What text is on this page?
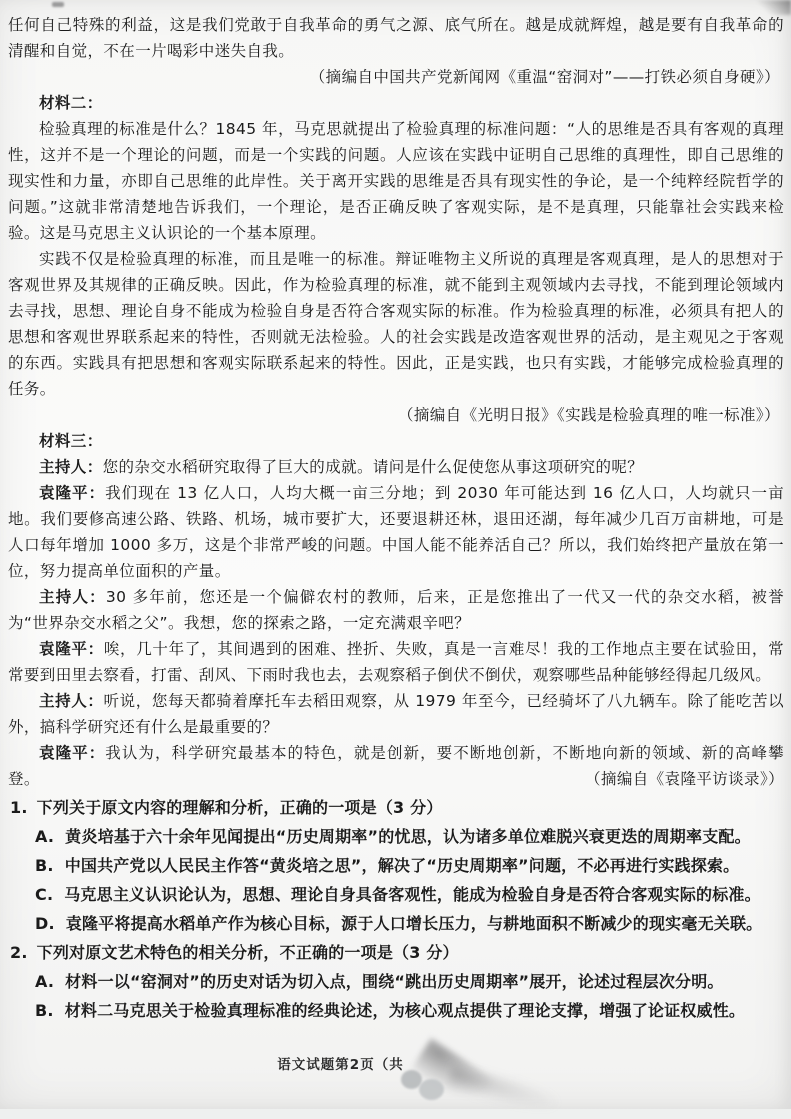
任何自己特殊的利益，这是我们党敢于自我革命的勇气之源、底气所在。越是成就辉煌，越是要有自我革命的清醒和自觉，不在一片喝彩中迷失自我。

（摘编自中国共产党新闻网《重温“窑洞对”——打铁必须自身硬》）

材料二：

检验真理的标准是什么？1845 年，马克思就提出了检验真理的标准问题：“人的思维是否具有客观的真理性，这并不是一个理论的问题，而是一个实践的问题。人应该在实践中证明自己思维的真理性，即自己思维的现实性和力量，亦即自己思维的此岸性。关于离开实践的思维是否具有现实性的争论，是一个纯粹经院哲学的问题。”这就非常清楚地告诉我们，一个理论，是否正确反映了客观实际，是不是真理，只能靠社会实践来检验。这是马克思主义认识论的一个基本原理。

实践不仅是检验真理的标准，而且是唯一的标准。辩证唯物主义所说的真理是客观真理，是人的思想对于客观世界及其规律的正确反映。因此，作为检验真理的标准，就不能到主观领域内去寻找，不能到理论领域内去寻找，思想、理论自身不能成为检验自身是否符合客观实际的标准。作为检验真理的标准，必须具有把人的思想和客观世界联系起来的特性，否则就无法检验。人的社会实践是改造客观世界的活动，是主观见之于客观的东西。实践具有把思想和客观实际联系起来的特性。因此，正是实践，也只有实践，才能够完成检验真理的任务。

（摘编自《光明日报》《实践是检验真理的唯一标准》）

材料三：

主持人：您的杂交水稻研究取得了巨大的成就。请问是什么促使您从事这项研究的呢？

袁隆平：我们现在 13 亿人口，人均大概一亩三分地；到 2030 年可能达到 16 亿人口，人均就只一亩地。我们要修高速公路、铁路、机场，城市要扩大，还要退耕还林，退田还湖，每年减少几百万亩耕地，可是人口每年增加 1000 多万，这是个非常严峻的问题。中国人能不能养活自己？所以，我们始终把产量放在第一位，努力提高单位面积的产量。

主持人：30 多年前，您还是一个偏僻农村的教师，后来，正是您推出了一代又一代的杂交水稻，被誉为“世界杂交水稻之父”。我想，您的探索之路，一定充满艰辛吧？

袁隆平：唉，几十年了，其间遇到的困难、挫折、失败，真是一言难尽！我的工作地点主要在试验田，常常要到田里去察看，打雷、刮风、下雨时我也去，去观察稻子倒伏不倒伏，观察哪些品种能够经得起几级风。

主持人：听说，您每天都骑着摩托车去稻田观察，从 1979 年至今，已经骑坏了八九辆车。除了能吃苦以外，搞科学研究还有什么是最重要的？

袁隆平：我认为，科学研究最基本的特色，就是创新，要不断地创新，不断地向新的领域、新的高峰攀登。	（摘编自《袁隆平访谈录》）

1. 下列关于原文内容的理解和分析，正确的一项是（3 分）
A. 黄炎培基于六十余年见闻提出“历史周期率”的忧思，认为诸多单位难脱兴衰更迭的周期率支配。
B. 中国共产党以人民民主作答“黄炎培之思”，解决了“历史周期率”问题，不必再进行实践探索。
C. 马克思主义认识论认为，思想、理论自身具备客观性，能成为检验自身是否符合客观实际的标准。
D. 袁隆平将提高水稻单产作为核心目标，源于人口增长压力，与耕地面积不断减少的现实毫无关联。
2. 下列对原文艺术特色的相关分析，不正确的一项是（3 分）
A. 材料一以“窑洞对”的历史对话为切入点，围绕“跳出历史周期率”展开，论述过程层次分明。
B. 材料二马克思关于检验真理标准的经典论述，为核心观点提供了理论支撑，增强了论证权威性。
语文试题第2页（共
